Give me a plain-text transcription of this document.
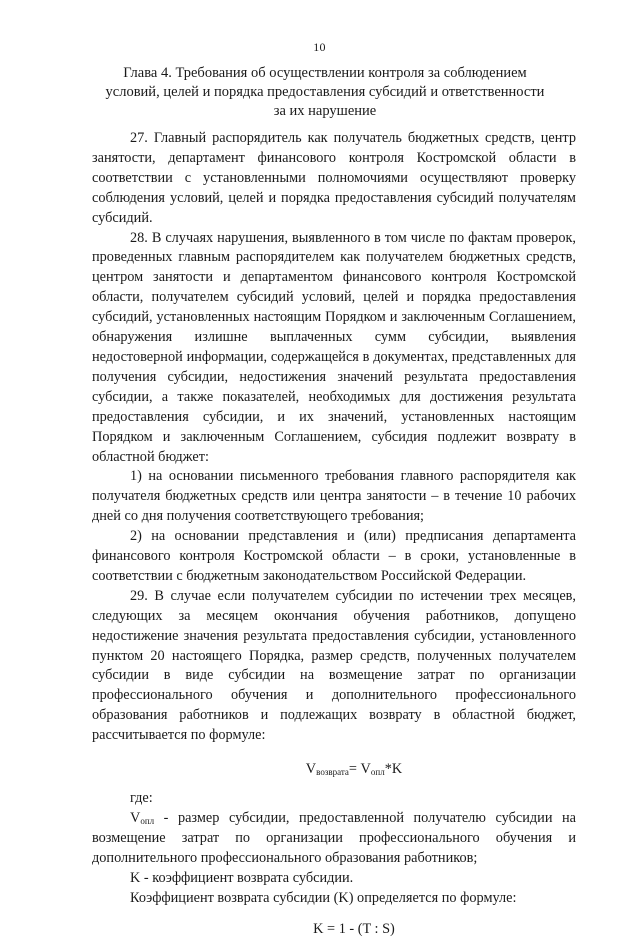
10
Глава 4. Требования об осуществлении контроля за соблюдением
условий, целей и порядка предоставления субсидий и ответственности
за их нарушение

27. Главный распорядитель как получатель бюджетных средств, центр занятости, департамент финансового контроля Костромской области в соответствии с установленными полномочиями осуществляют проверку соблюдения условий, целей и порядка предоставления субсидий получателям субсидий.

28. В случаях нарушения, выявленного в том числе по фактам проверок, проведенных главным распорядителем как получателем бюджетных средств, центром занятости и департаментом финансового контроля Костромской области, получателем субсидий условий, целей и порядка предоставления субсидий, установленных настоящим Порядком и заключенным Соглашением, обнаружения излишне выплаченных сумм субсидии, выявления недостоверной информации, содержащейся в документах, представленных для получения субсидии, недостижения значений результата предоставления субсидии, а также показателей, необходимых для достижения результата предоставления субсидии, и их значений, установленных настоящим Порядком и заключенным Соглашением, субсидия подлежит возврату в областной бюджет:

1) на основании письменного требования главного распорядителя как получателя бюджетных средств или центра занятости – в течение 10 рабочих дней со дня получения соответствующего требования;

2) на основании представления и (или) предписания департамента финансового контроля Костромской области – в сроки, установленные в соответствии с бюджетным законодательством Российской Федерации.

29. В случае если получателем субсидии по истечении трех месяцев, следующих за месяцем окончания обучения работников, допущено недостижение значения результата предоставления субсидии, установленного пунктом 20 настоящего Порядка, размер средств, полученных получателем субсидии в виде субсидии на возмещение затрат по организации профессионального обучения и дополнительного профессионального образования работников и подлежащих возврату в областной бюджет, рассчитывается по формуле:

$V_{возврата}= V_{опл}*K$

где:

$V_{опл}$ - размер субсидии, предоставленной получателю субсидии на возмещение затрат по организации профессионального обучения и дополнительного профессионального образования работников;

K - коэффициент возврата субсидии.

Коэффициент возврата субсидии (K) определяется по формуле:

K = 1 - (T : S)
